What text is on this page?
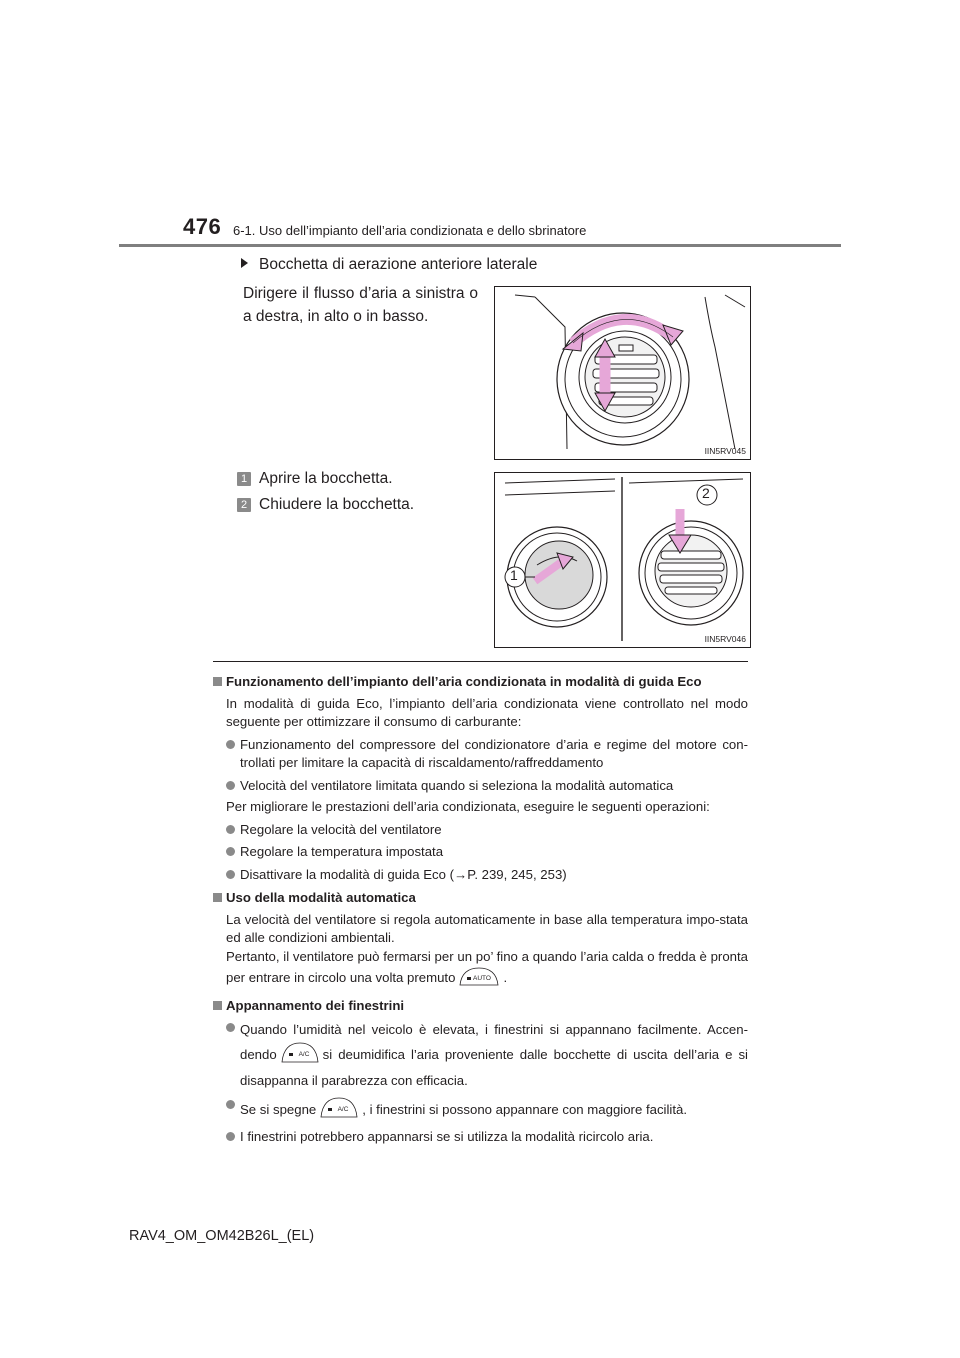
476 6-1. Uso dell’impianto dell’aria condizionata e dello sbrinatore
Bocchetta di aerazione anteriore laterale
Dirigere il flusso d’aria a sinistra o a destra, in alto o in basso.
IIN5RV045
1 Aprire la bocchetta.
2 Chiudere la bocchetta.
2
1
IIN5RV046
Funzionamento dell’impianto dell’aria condizionata in modalità di guida Eco
In modalità di guida Eco, l’impianto dell’aria condizionata viene controllato nel modo seguente per ottimizzare il consumo di carburante:
Funzionamento del compressore del condizionatore d’aria e regime del motore con-trollati per limitare la capacità di riscaldamento/raffreddamento
Velocità del ventilatore limitata quando si seleziona la modalità automatica
Per migliorare le prestazioni dell’aria condizionata, eseguire le seguenti operazioni:
Regolare la velocità del ventilatore
Regolare la temperatura impostata
Disattivare la modalità di guida Eco (→P. 239, 245, 253)
Uso della modalità automatica
La velocità del ventilatore si regola automaticamente in base alla temperatura impo-stata ed alle condizioni ambientali.
Pertanto, il ventilatore può fermarsi per un po’ fino a quando l’aria calda o fredda è pronta per entrare in circolo una volta premuto	AUTO .
Appannamento dei finestrini
Quando l’umidità nel veicolo è elevata, i finestrini si appannano facilmente. Accen-dendo	A/C si deumidifica l’aria proveniente dalle bocchette di uscita dell’aria e si disappanna il parabrezza con efficacia.
Se si spegne	A/C , i finestrini si possono appannare con maggiore facilità.
I finestrini potrebbero appannarsi se si utilizza la modalità ricircolo aria.
RAV4_OM_OM42B26L_(EL)
